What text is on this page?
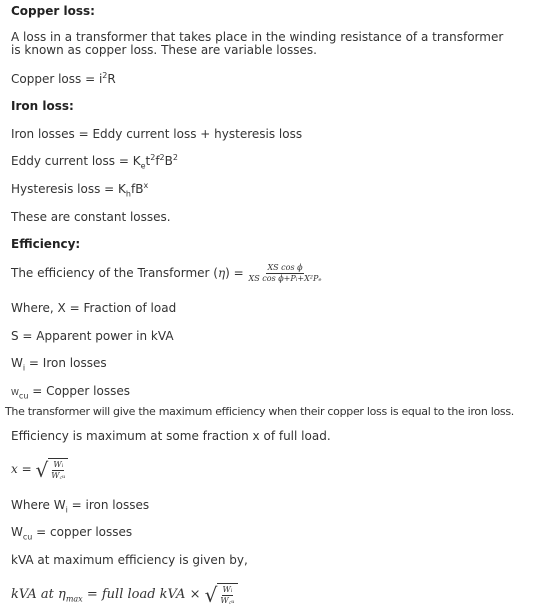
Copper loss:
A loss in a transformer that takes place in the winding resistance of a transformer
is known as copper loss. These are variable losses.
Copper loss = $i^2R$
Iron loss:
Iron losses = Eddy current loss + hysteresis loss
Eddy current loss = $K_et^2f^2B^2$
Hysteresis loss = $K_hfB^x$
These are constant losses.
Efficiency:
The efficiency of the Transformer $(\eta) = \frac{\text{XS cos ϕ}}{\text{XS cos ϕ+Pᵢ+X²Pₑ}}$
Where, X = Fraction of load
S = Apparent power in kVA
$W_i$ = Iron losses
$W_{cu}$ = Copper losses
The transformer will give the maximum efficiency when their copper loss is equal to the iron loss.
Efficiency is maximum at some fraction x of full load.
x = √ $\frac{\text{Wᵢ}}{\text{W꜀ᵤ}}$
Where $W_i$ = iron losses
$W_{cu}$ = copper losses
kVA at maximum efficiency is given by,
kVA at $\eta_{max}$ = full load kVA × √ $\frac{\text{Wᵢ}}{\text{W꜀ᵤ}}$
